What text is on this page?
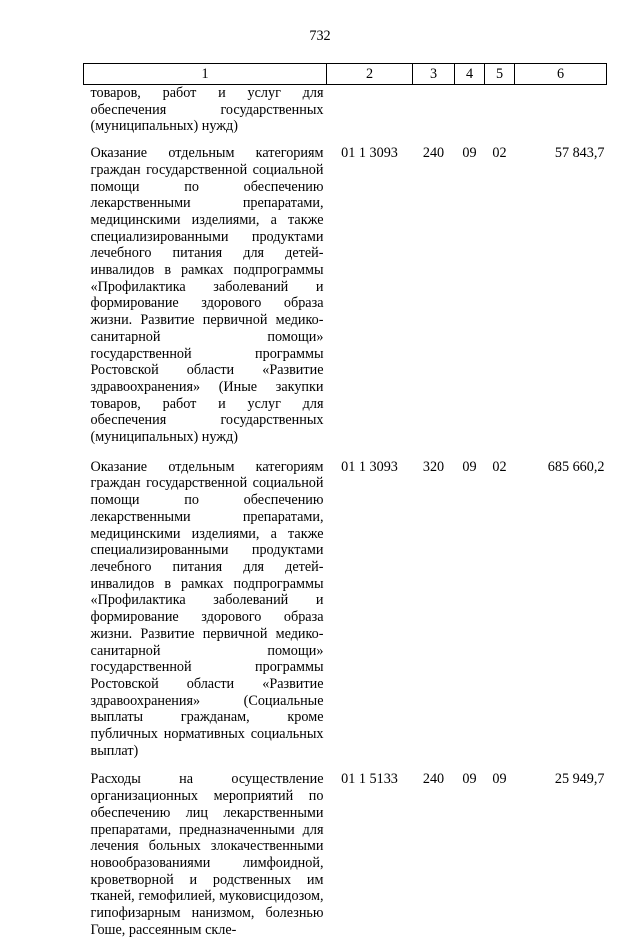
732
1	2	3	4	5	6
товаров, работ и услуг для обеспечения государственных (муниципальных) нужд)					
Оказание отдельным категориям граждан государственной социальной помощи по обеспечению лекарственными препаратами, медицинскими изделиями, а также специализированными продуктами лечебного питания для детей-инвалидов в рамках подпрограммы «Профилактика заболеваний и формирование здорового образа жизни. Развитие первичной медико-санитарной помощи» государственной программы Ростовской области «Развитие здравоохранения» (Иные закупки товаров, работ и услуг для обеспечения государственных (муниципальных) нужд)	01 1 3093	240	09	02	57 843,7
Оказание отдельным категориям граждан государственной социальной помощи по обеспечению лекарственными препаратами, медицинскими изделиями, а также специализированными продуктами лечебного питания для детей-инвалидов в рамках подпрограммы «Профилактика заболеваний и формирование здорового образа жизни. Развитие первичной медико-санитарной помощи» государственной программы Ростовской области «Развитие здравоохранения» (Социальные выплаты гражданам, кроме публичных нормативных социальных выплат)	01 1 3093	320	09	02	685 660,2
Расходы на осуществление организационных мероприятий по обеспечению лиц лекарственными препаратами, предназначенными для лечения больных злокачественными новообразованиями лимфоидной, кроветворной и родственных им тканей, гемофилией, муковисцидозом, гипофизарным нанизмом, болезнью Гоше, рассеянным скле-	01 1 5133	240	09	09	25 949,7
